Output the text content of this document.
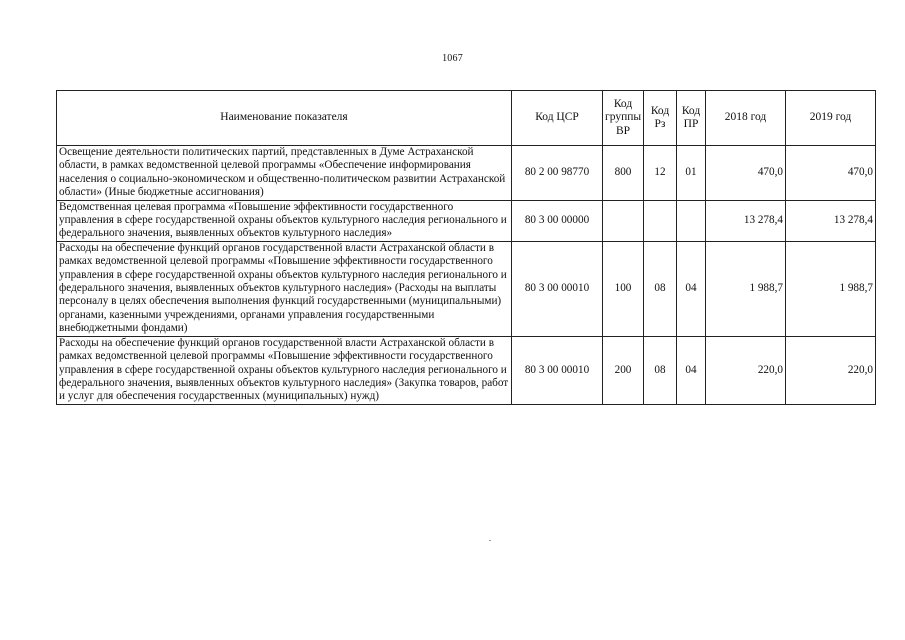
1067
Наименование показателя	Код ЦСР	Код группы ВР	Код Рз	Код ПР	2018 год	2019 год
Освещение деятельности политических партий, представленных в Думе Астраханской области, в рамках ведомственной целевой программы «Обеспечение информирования населения о социально-экономическом и общественно-политическом развитии Астраханской области» (Иные бюджетные ассигнования)	80 2 00 98770	800	12	01	470,0	470,0
Ведомственная целевая программа «Повышение эффективности государственного управления в сфере государственной охраны объектов культурного наследия регионального и федерального значения, выявленных объектов культурного наследия»	80 3 00 00000				13 278,4	13 278,4
Расходы на обеспечение функций органов государственной власти Астраханской области в рамках ведомственной целевой программы «Повышение эффективности государственного управления в сфере государственной охраны объектов культурного наследия регионального и федерального значения, выявленных объектов культурного наследия» (Расходы на выплаты персоналу в целях обеспечения выполнения функций государственными (муниципальными) органами, казенными учреждениями, органами управления государственными внебюджетными фондами)	80 3 00 00010	100	08	04	1 988,7	1 988,7
Расходы на обеспечение функций органов государственной власти Астраханской области в рамках ведомственной целевой программы «Повышение эффективности государственного управления в сфере государственной охраны объектов культурного наследия регионального и федерального значения, выявленных объектов культурного наследия» (Закупка товаров, работ и услуг для обеспечения государственных (муниципальных) нужд)	80 3 00 00010	200	08	04	220,0	220,0
